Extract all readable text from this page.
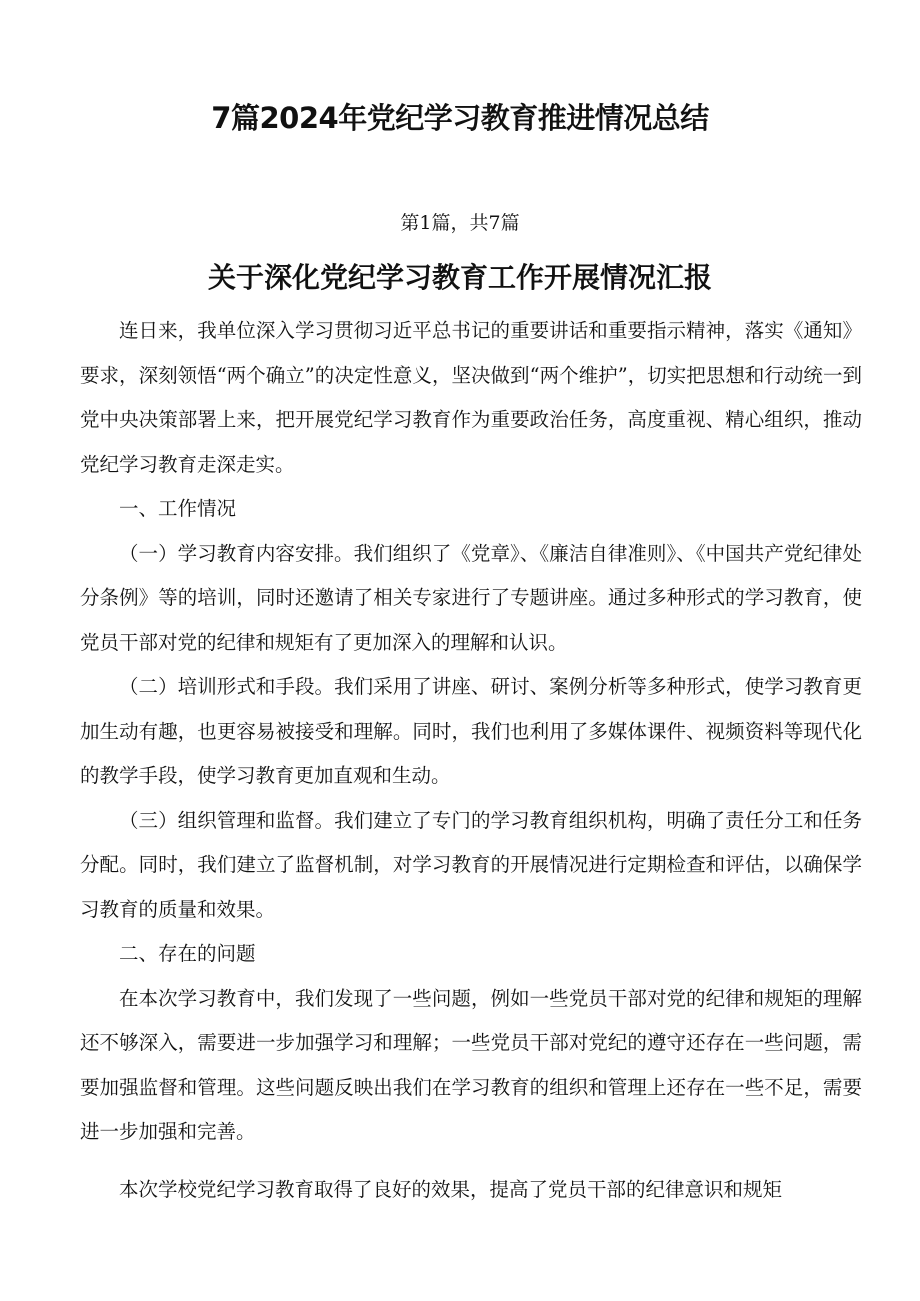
7篇2024年党纪学习教育推进情况总结
第1篇，共7篇
关于深化党纪学习教育工作开展情况汇报

连日来，我单位深入学习贯彻习近平总书记的重要讲话和重要指示精神，落实《通知》要求，深刻领悟“两个确立”的决定性意义，坚决做到“两个维护”，切实把思想和行动统一到党中央决策部署上来，把开展党纪学习教育作为重要政治任务，高度重视、精心组织，推动党纪学习教育走深走实。

一、工作情况

（一）学习教育内容安排。我们组织了《党章》、《廉洁自律准则》、《中国共产党纪律处分条例》等的培训，同时还邀请了相关专家进行了专题讲座。通过多种形式的学习教育，使党员干部对党的纪律和规矩有了更加深入的理解和认识。

（二）培训形式和手段。我们采用了讲座、研讨、案例分析等多种形式，使学习教育更加生动有趣，也更容易被接受和理解。同时，我们也利用了多媒体课件、视频资料等现代化的教学手段，使学习教育更加直观和生动。

（三）组织管理和监督。我们建立了专门的学习教育组织机构，明确了责任分工和任务分配。同时，我们建立了监督机制，对学习教育的开展情况进行定期检查和评估，以确保学习教育的质量和效果。

二、存在的问题

在本次学习教育中，我们发现了一些问题，例如一些党员干部对党的纪律和规矩的理解还不够深入，需要进一步加强学习和理解；一些党员干部对党纪的遵守还存在一些问题，需要加强监督和管理。这些问题反映出我们在学习教育的组织和管理上还存在一些不足，需要进一步加强和完善。

本次学校党纪学习教育取得了良好的效果，提高了党员干部的纪律意识和规矩
